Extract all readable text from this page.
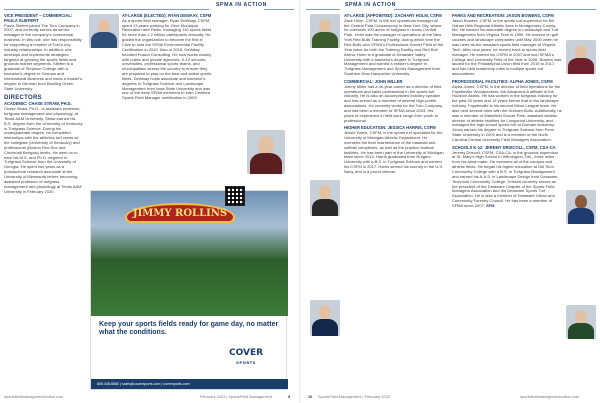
SPMA IN ACTION	SPMA IN ACTION
VICE PRESIDENT – COMMERCIAL: PAULA SLIEFERT

Paula Sliefert joined The Toro Company in 2007, and currently serves as senior manager in the company's commercial business. In this role, she has responsibility for supporting a number of Toro's key industry relationships. In addition, she develops and implements strategies targeted at growing the sports fields and grounds market segments. Sliefert is a graduate of Simpson College with a bachelor's degree in German and International Business and holds a master's degree in German from Bowling Green State University.

DIRECTORS
ACADEMIC: CHASE STRAW, PH.D.

Chase Straw, Ph.D., is assistant professor, turfgrass management and physiology, at Texas A&M University. Straw earned his B.S. degree from the University of Kentucky in Turfgrass Science. During his undergraduate degree, he completed internships with the athletics turf crews at the collegiate (University of Kentucky) and professional (Boston Red Sox and Cincinnati Bengals) levels. He went on to earn his M.S. and Ph.D. degrees in Turfgrass Science from the University of Georgia. He spent two years as a postdoctoral research associate at the University of Minnesota before becoming assistant professor of turfgrass management and physiology at Texas A&M University in February 2020.

AT-LARGE (ELECTED): RYAN DEWAAY, CSFM

As a sports field manager, Ryan DeWaay, CSFM, spent 13 years working for Clive Municipal Recreation and Parks, managing 110 sports fields for more than 1.2 million participants annually. He guided the organization to become the first in Clive to hold the SFMA Environmental Facility Certification in 2010. Also in 2018, DeWaay founded Fusion Consulting. He now works closely with public and private agencies, K-12 schools, universities, professional sports teams, and municipalities across the country to ensure they are prepared to play on the best and safest sports fields. DeWaay holds associate and bachelor's degrees in Turfgrass Science and Landscape Management from Iowa State University and was one of the early SFMA members to earn Certified Sports Field Manager certification in 2009.

JIMMY ROLLINS
Keep your sports fields ready for game day, no matter what the conditions.
COVER
SPORTS
800.445.6680 | sales@coversports.com | coversports.com
sportsfieldmanagementonline.com	February 2023 | SportsField Management	9
AT-LARGE (APPOINTED): ZACHARY HOLM, CSFM

Zack Holm, CSFM, is the turf operations manager at the Central Park Conservancy in New York City, where he oversees 100 acres of turfgrass in iconic Central Park. Holm was the manager of operations at the New York Red Bulls Training Facility, during which time the Red Bulls won SFMA's Professional Soccer Field of the Year twice for both the Training Facility and Red Bull Arena. Holm is a graduate of Delaware Valley University with a bachelor's degree in Turfgrass Management and earned a master's degree in Turfgrass Management and Sports Management from Southern New Hampshire University.

COMMERCIAL: JOHN MILLER

Jimmy Miller has a 40-year career as a director of field operations and sales professional in the sports turf industry. He is also an accomplished industry speaker and has served as a member of several high-profile associations. He currently works for the Toro Company, and has been a member of SFMA since 2003. His years of experience in field work range from youth to professional.

HIGHER EDUCATION: JESSICA HARRIS, CSFM

Jessie Harris, CSFM, is the sports turf specialist for the University of Michigan Athletic Department. He oversees the field maintenance of the baseball and softball complexes, as well as the practice football facilities. He has been part of the University of Michigan team since 2014. Harris graduated from Rutgers University with a B.S. in Turfgrass Science and earned his CSFM in 2017. Harris served his country in the U.S. Navy, and is a proud veteran.

PARKS AND RECREATION: JASON BOWERS, CSFM

Jason Bowers, CSFM, is the sports turf supervisor for the Gahan Hills Regional Athletic Area in Montgomery County, Md. He earned his associate degree in Landscape and Turf Management from Virginia Tech in 1999. He worked on golf courses and landscape companies until May 2000 when he was hired as the assistant sports field manager at Virginia Tech. After nine years, he moved back to sports field manager. He earned his CSFM in 2007 and won SFMA's College and University Field of the Year in 2006. Bowers was lauded for the Philadelphia Union field from 2015 to 2017, and has held leadership roles in multiple sports turf associations.

PROFESSIONAL FACILITIES: ALPHA JONES, CSFM

Alpha Jones, CSFM, is the director of field operations for the Fayetteville Woodpeckers, the Advanced-A affiliate of the Houston Astros. He has worked in the turfgrass industry for the past 20 years and 12 years before that in the landscape industry. Fayetteville is his second Minor League team. He also held several roles with the Durham Bulls. Additionally, he was a member of Wakefield Soccer Park, assistant athletic director of athletic facilities for Longwood University, and managed the high school sports turf at Durham Academy. Jones earned his degree in Turfgrass Science from Penn State University in 2009 and is a member of the North Carolina Central University Field Managers Association.

SCHOOLS K-12: JEREMY DRISCOLL, CSFM, CSA-CA

Jeremy Driscoll, CSFM, CSA-CA, is the grounds supervisor at St. Mary's High School in Wilmington, Del., three miles from his alma mater. He oversees all of the campus and athletic fields. He began his higher education at Del Tech Community College with a B.S. in Turfgrass Management and earned his A.A.S. in Landscape Design from Delaware Technical Community College. Driscoll currently serves as the president of the Delaware Chapter of the Sports Field Managers Association and the Delaware Sports Turf Association. He is also a member of Delaware Urban and Community Forestry Council. He has been a member of SFMA since 2007. SFM

10 SportsField Management | February 2023	sportsfieldmanagementonline.com
